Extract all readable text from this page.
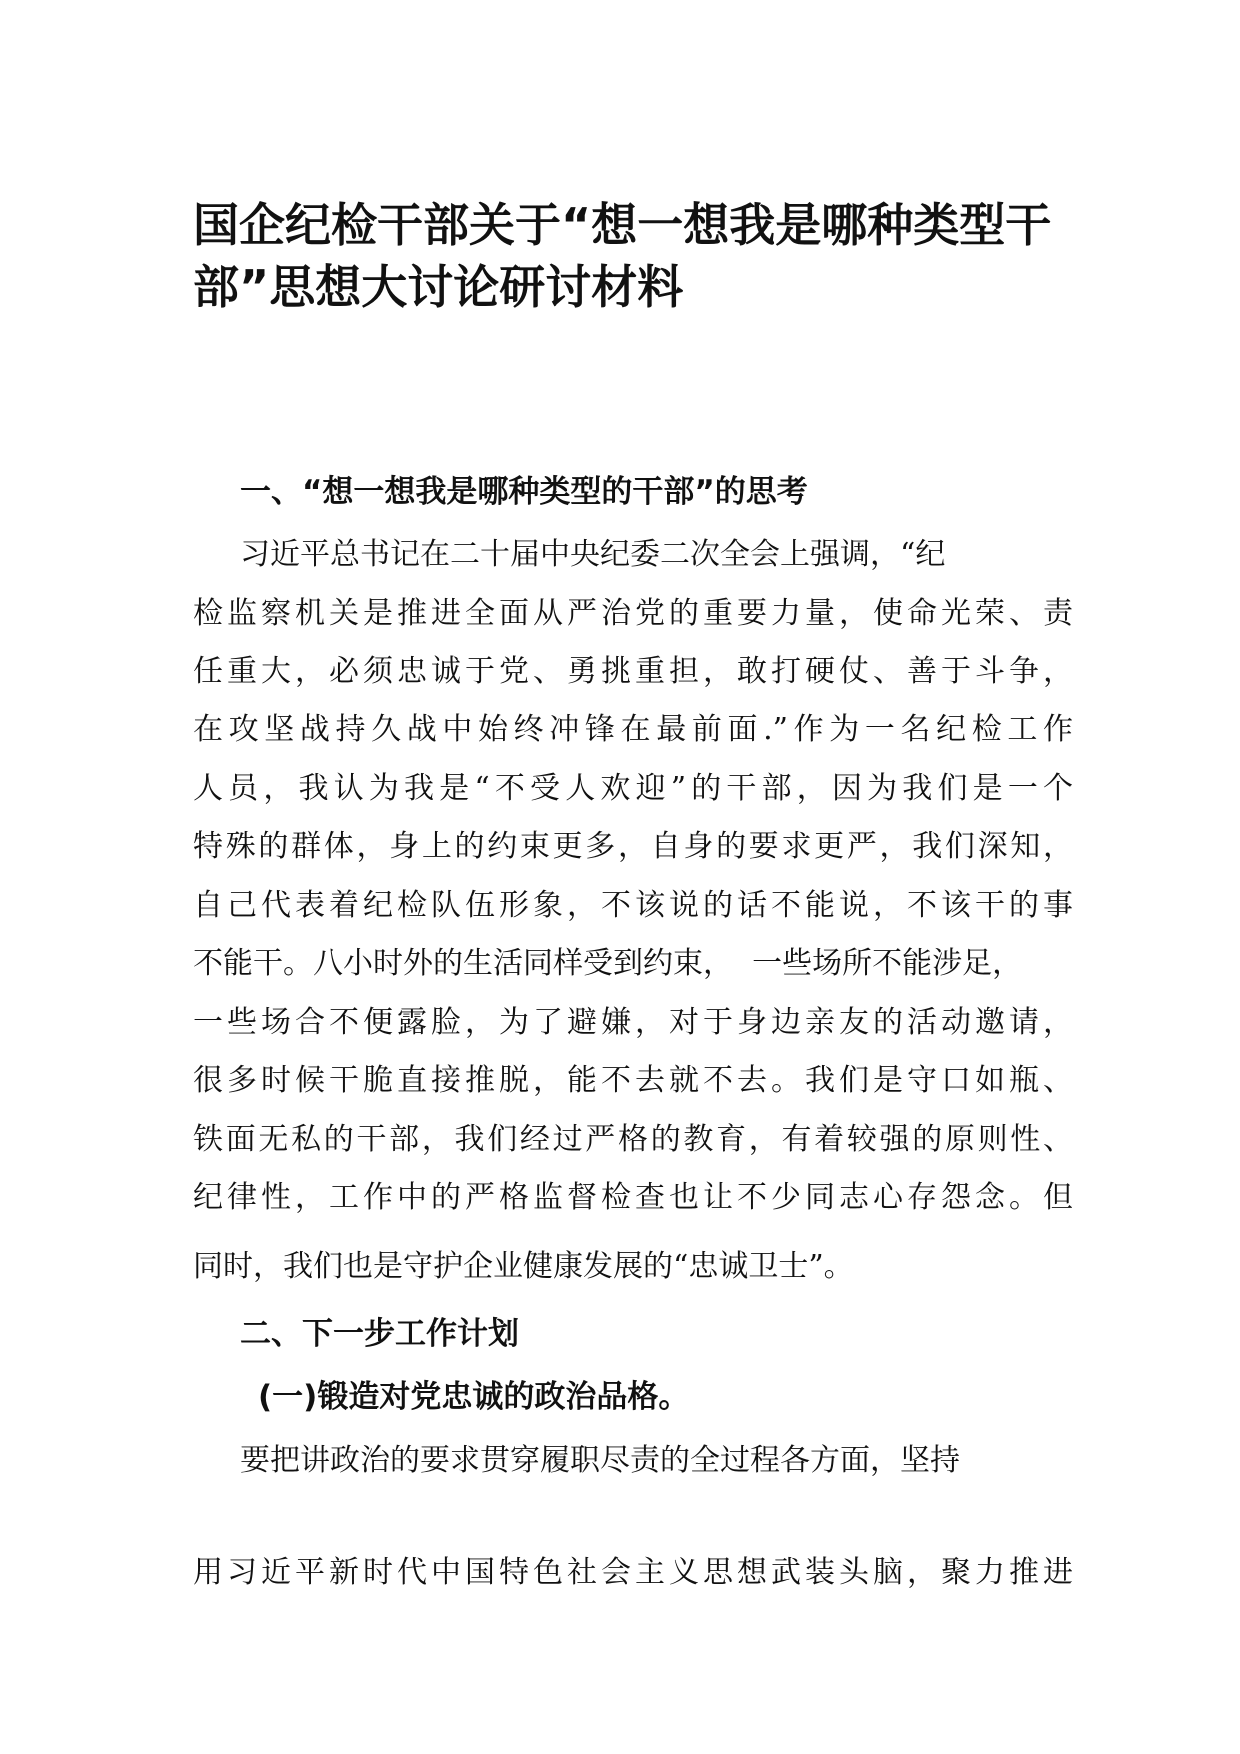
国企纪检干部关于“想一想我是哪种类型干
部”思想大讨论研讨材料

一、“想一想我是哪种类型的干部”的思考

习近平总书记在二十届中央纪委二次全会上强调，“纪

检监察机关是推进全面从严治党的重要力量，使命光荣、责

任重大，必须忠诚于党、勇挑重担，敢打硬仗、善于斗争，

在攻坚战持久战中始终冲锋在最前面.”作为一名纪检工作

人员，我认为我是“不受人欢迎”的干部，因为我们是一个

特殊的群体，身上的约束更多，自身的要求更严，我们深知，

自己代表着纪检队伍形象，不该说的话不能说，不该干的事

不能干。八小时外的生活同样受到约束，  一些场所不能涉足，

一些场合不便露脸，为了避嫌，对于身边亲友的活动邀请，

很多时候干脆直接推脱，能不去就不去。我们是守口如瓶、

铁面无私的干部，我们经过严格的教育，有着较强的原则性、

纪律性，工作中的严格监督检查也让不少同志心存怨念。但

同时，我们也是守护企业健康发展的“忠诚卫士”。

二、下一步工作计划

(一)锻造对党忠诚的政治品格。

要把讲政治的要求贯穿履职尽责的全过程各方面，坚持

用习近平新时代中国特色社会主义思想武装头脑，聚力推进
